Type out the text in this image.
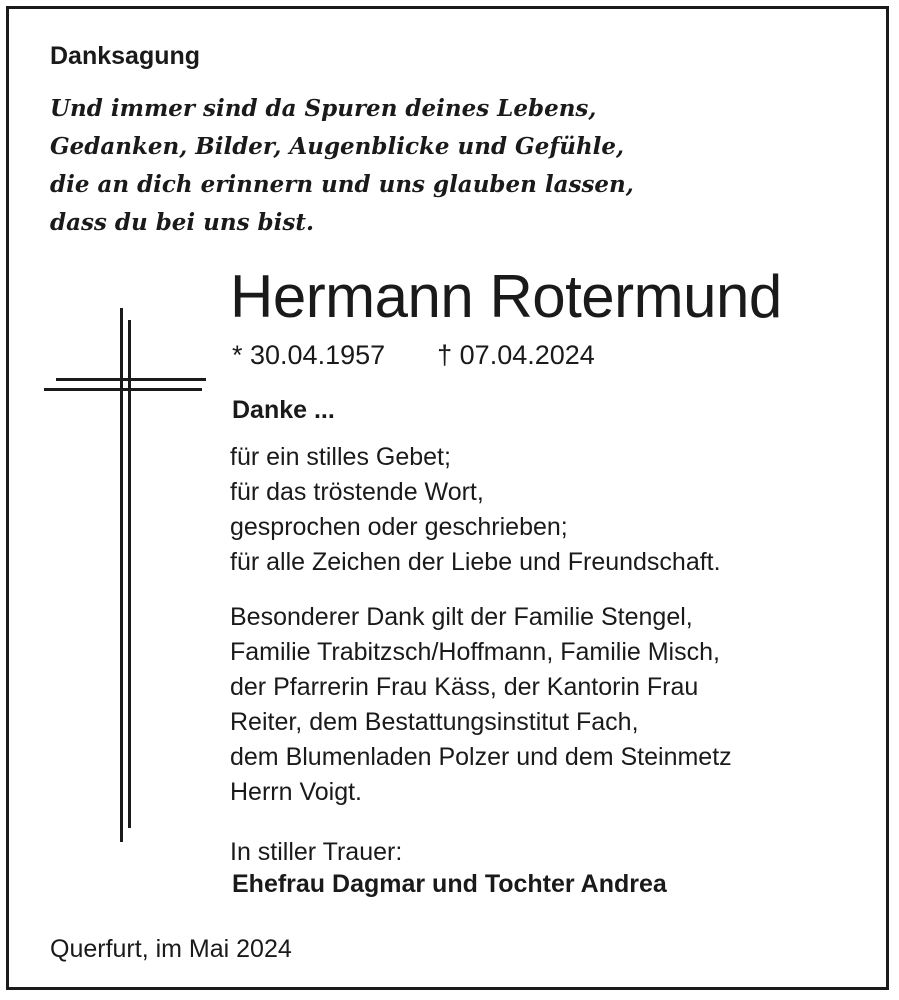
Danksagung
Und immer sind da Spuren deines Lebens,
Gedanken, Bilder, Augenblicke und Gefühle,
die an dich erinnern und uns glauben lassen,
dass du bei uns bist.
Hermann Rotermund
* 30.04.1957 † 07.04.2024
Danke ...
für ein stilles Gebet;
für das tröstende Wort,
gesprochen oder geschrieben;
für alle Zeichen der Liebe und Freundschaft.
Besonderer Dank gilt der Familie Stengel,
Familie Trabitzsch/Hoffmann, Familie Misch,
der Pfarrerin Frau Käss, der Kantorin Frau
Reiter, dem Bestattungsinstitut Fach,
dem Blumenladen Polzer und dem Steinmetz
Herrn Voigt.
In stiller Trauer:
Ehefrau Dagmar und Tochter Andrea
Querfurt, im Mai 2024
